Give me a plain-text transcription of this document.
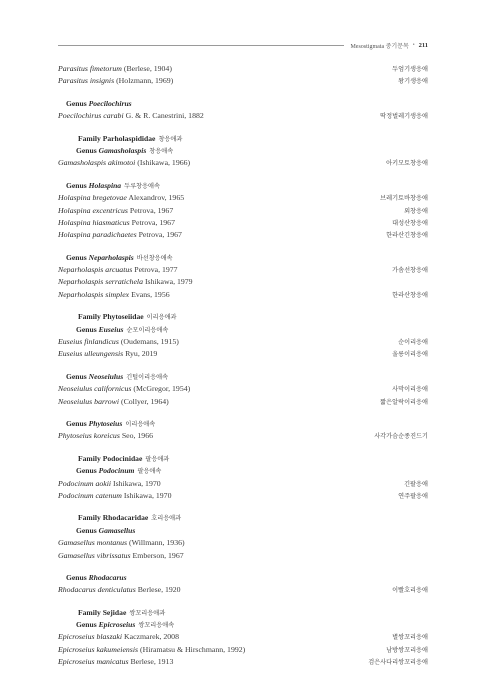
Mesostigmata 중기문목 • 211
Parasitus fimetorum (Berlese, 1904)	두엄기생응애
Parasitus insignis (Holzmann, 1969)	왕기생응애
Genus Poecilochirus
Poecilochirus carabi G. & R. Canestrini, 1882	딱정벌레기생응애
Family Parholaspididae 창응애과
Genus Gamasholaspis 창응애속
Gamasholaspis akimotoi (Ishikawa, 1966)	아키모토창응애
Genus Holaspina 두루창응애속
Holaspina bregetovae Alexandrov, 1965	브레기토바창응애
Holaspina excentricus Petrova, 1967	외창응애
Holaspina hiasmaticus Petrova, 1967	대성산창응애
Holaspina paradichaetes Petrova, 1967	한라산긴창응애
Genus Neparholaspis 바선창응애속
Neparholaspis arcuatus Petrova, 1977	가솜선창응애
Neparholaspis serratichela Ishikawa, 1979
Neparholaspis simplex Evans, 1956	한라산창응애
Family Phytoseiidae 이리응애과
Genus Euseius 순모이리응애속
Euseius finlandicus (Oudemans, 1915)	순이리응애
Euseius ulleungensis Ryu, 2019	울릉이리응애
Genus Neoseiulus 긴털이리응애속
Neoseiulus californicus (McGregor, 1954)	사막이리응애
Neoseiulus barrowi (Collyer, 1964)	짧은알락이리응애
Genus Phytoseius 이리응애속
Phytoseius koreicus Seo, 1966	사각가슴순종진드기
Family Podocinidae 팔응애과
Genus Podocinum 팔응애속
Podocinum aokii Ishikawa, 1970	긴팔응애
Podocinum catenum Ishikawa, 1970	연주팔응애
Family Rhodacaridae 호리응애과
Genus Gamasellus
Gamasellus montanus (Willmann, 1936)
Gamasellus vibrissatus Emberson, 1967
Genus Rhodacarus
Rhodacarus denticulatus Berlese, 1920	이빨호리응애
Family Sejidae 쌍꼬리응애과
Genus Epicroseius 쌍꼬리응애속
Epicroseius blaszaki Kaczmarek, 2008	별쌍꼬리응애
Epicroseius kakumeiensis (Hiramatsu & Hirschmann, 1992)	남방쌍꼬리응애
Epicroseius manicatus Berlese, 1913	검은사다리쌍꼬리응애
